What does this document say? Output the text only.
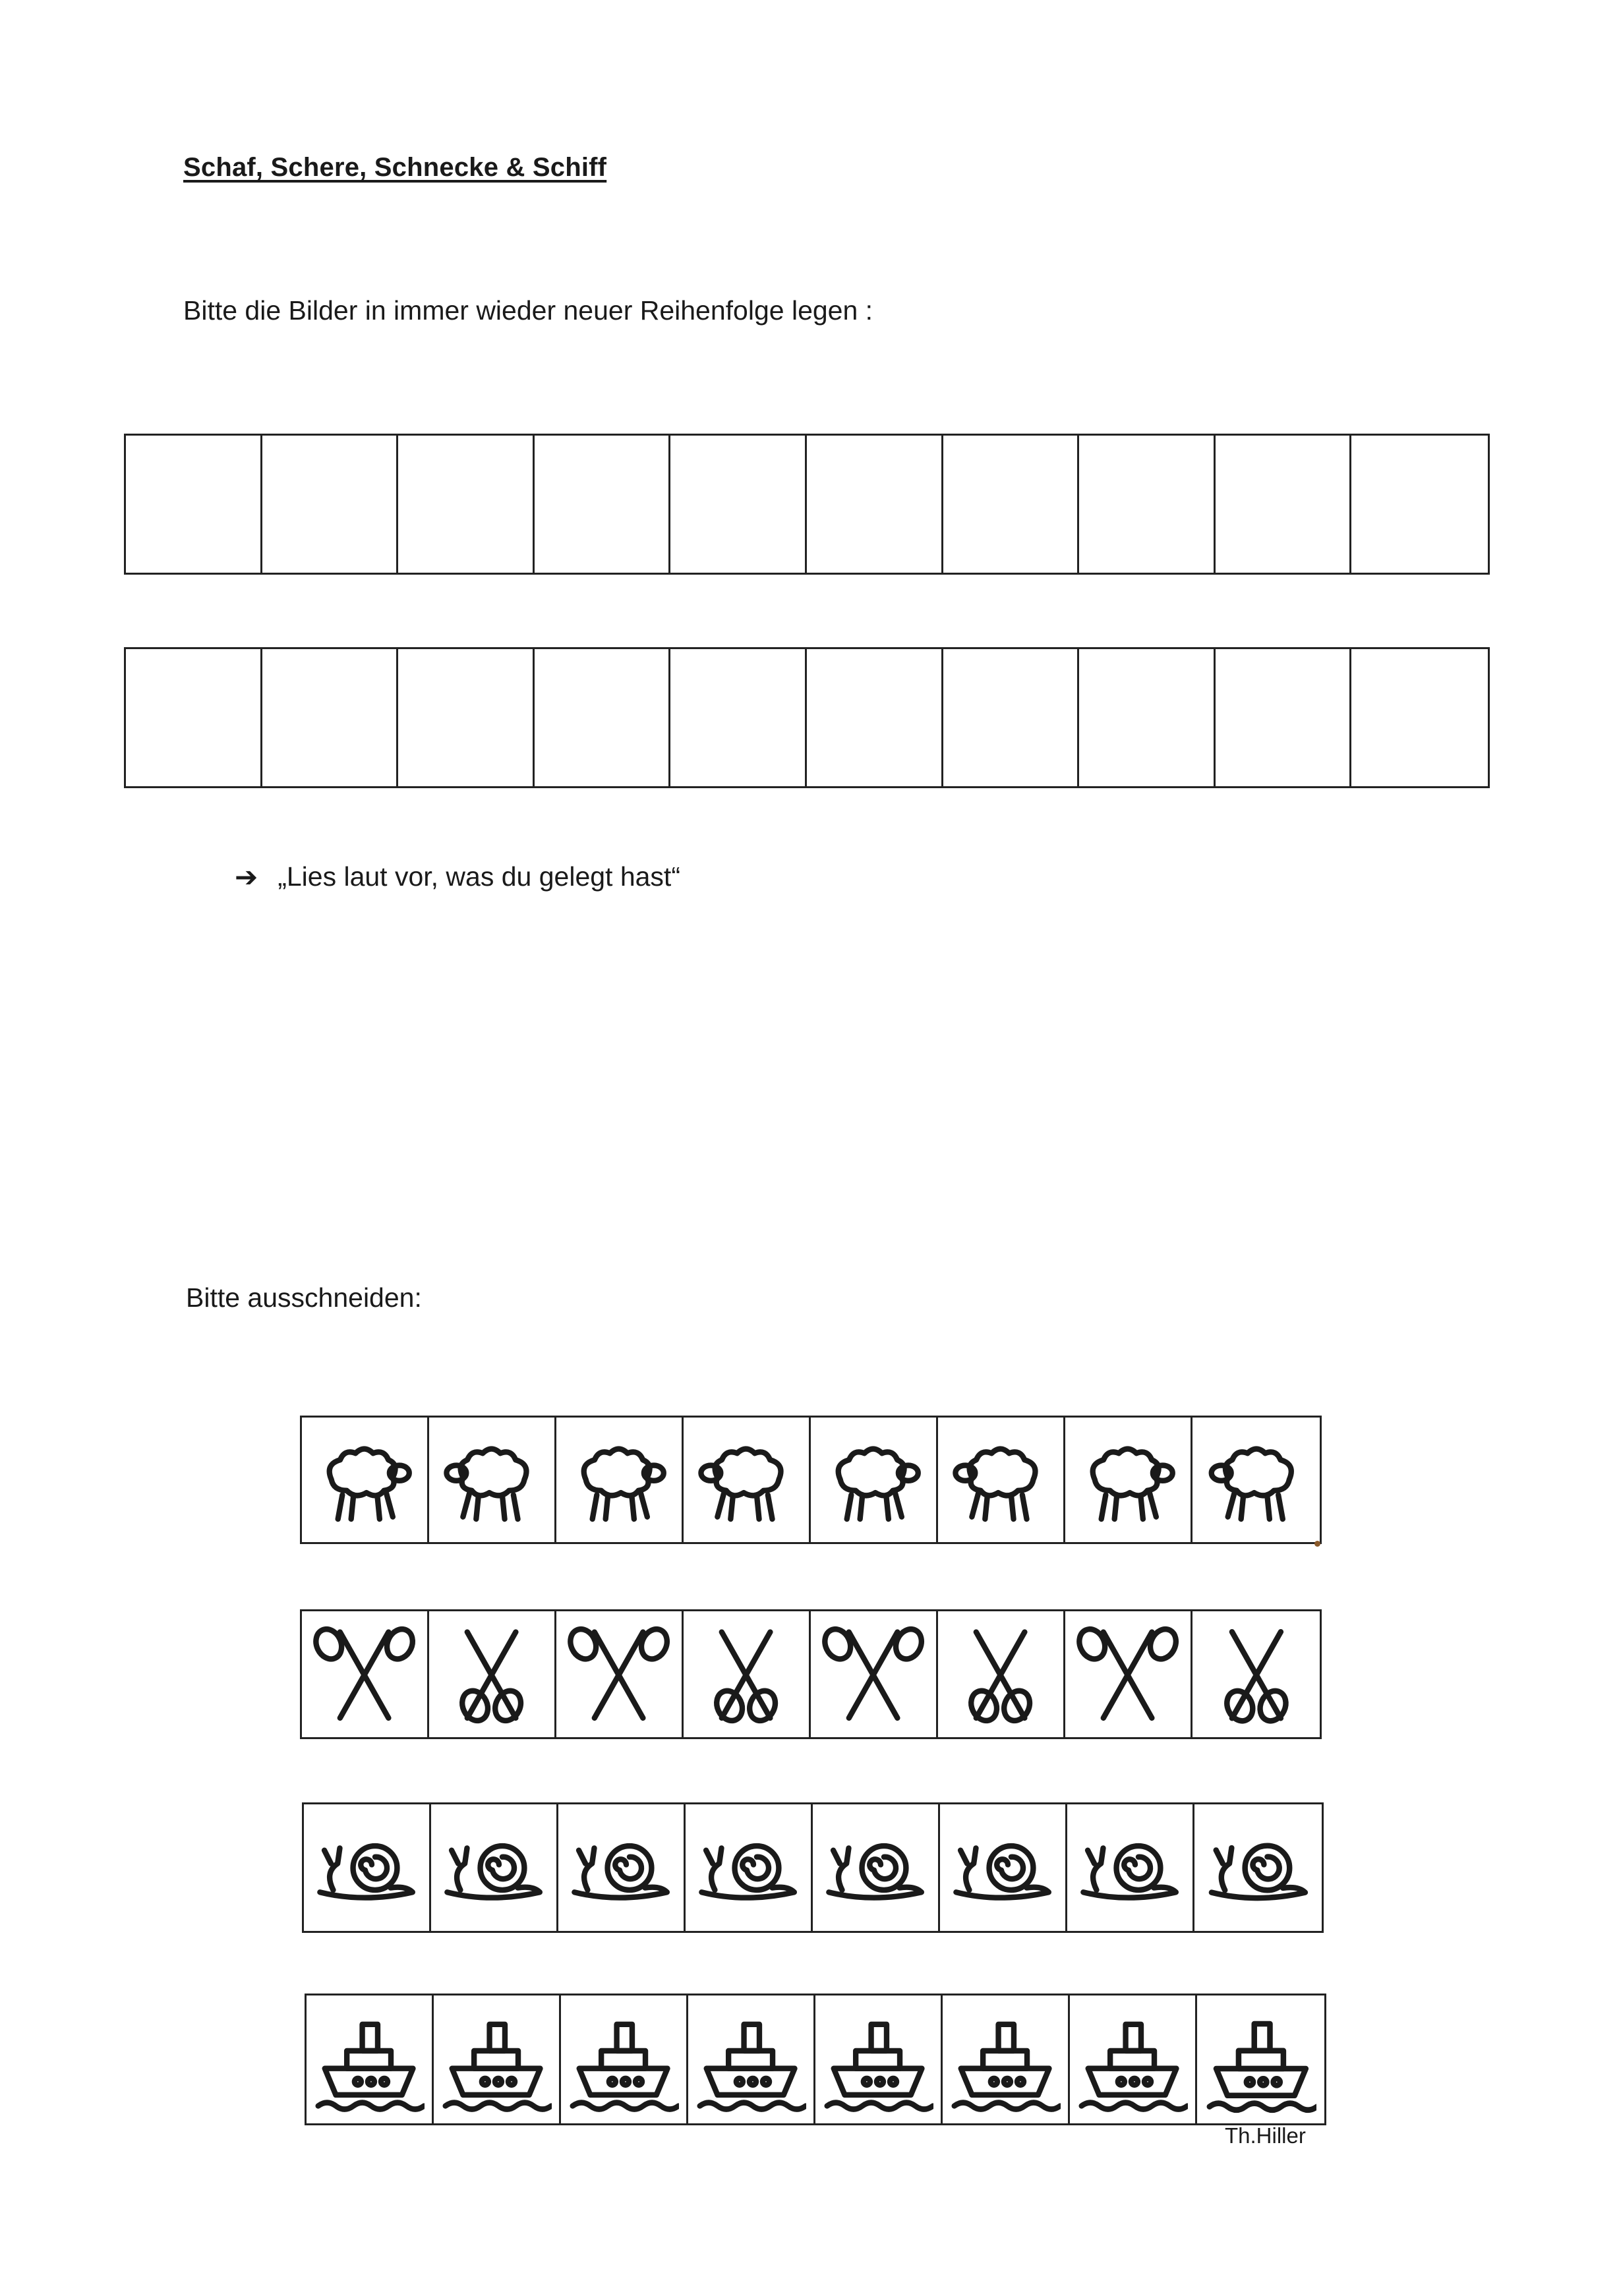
Schaf, Schere, Schnecke & Schiff
Bitte die Bilder in immer wieder neuer Reihenfolge legen :
➔ „Lies laut vor, was du gelegt hast“
Bitte ausschneiden:
Th.Hiller
